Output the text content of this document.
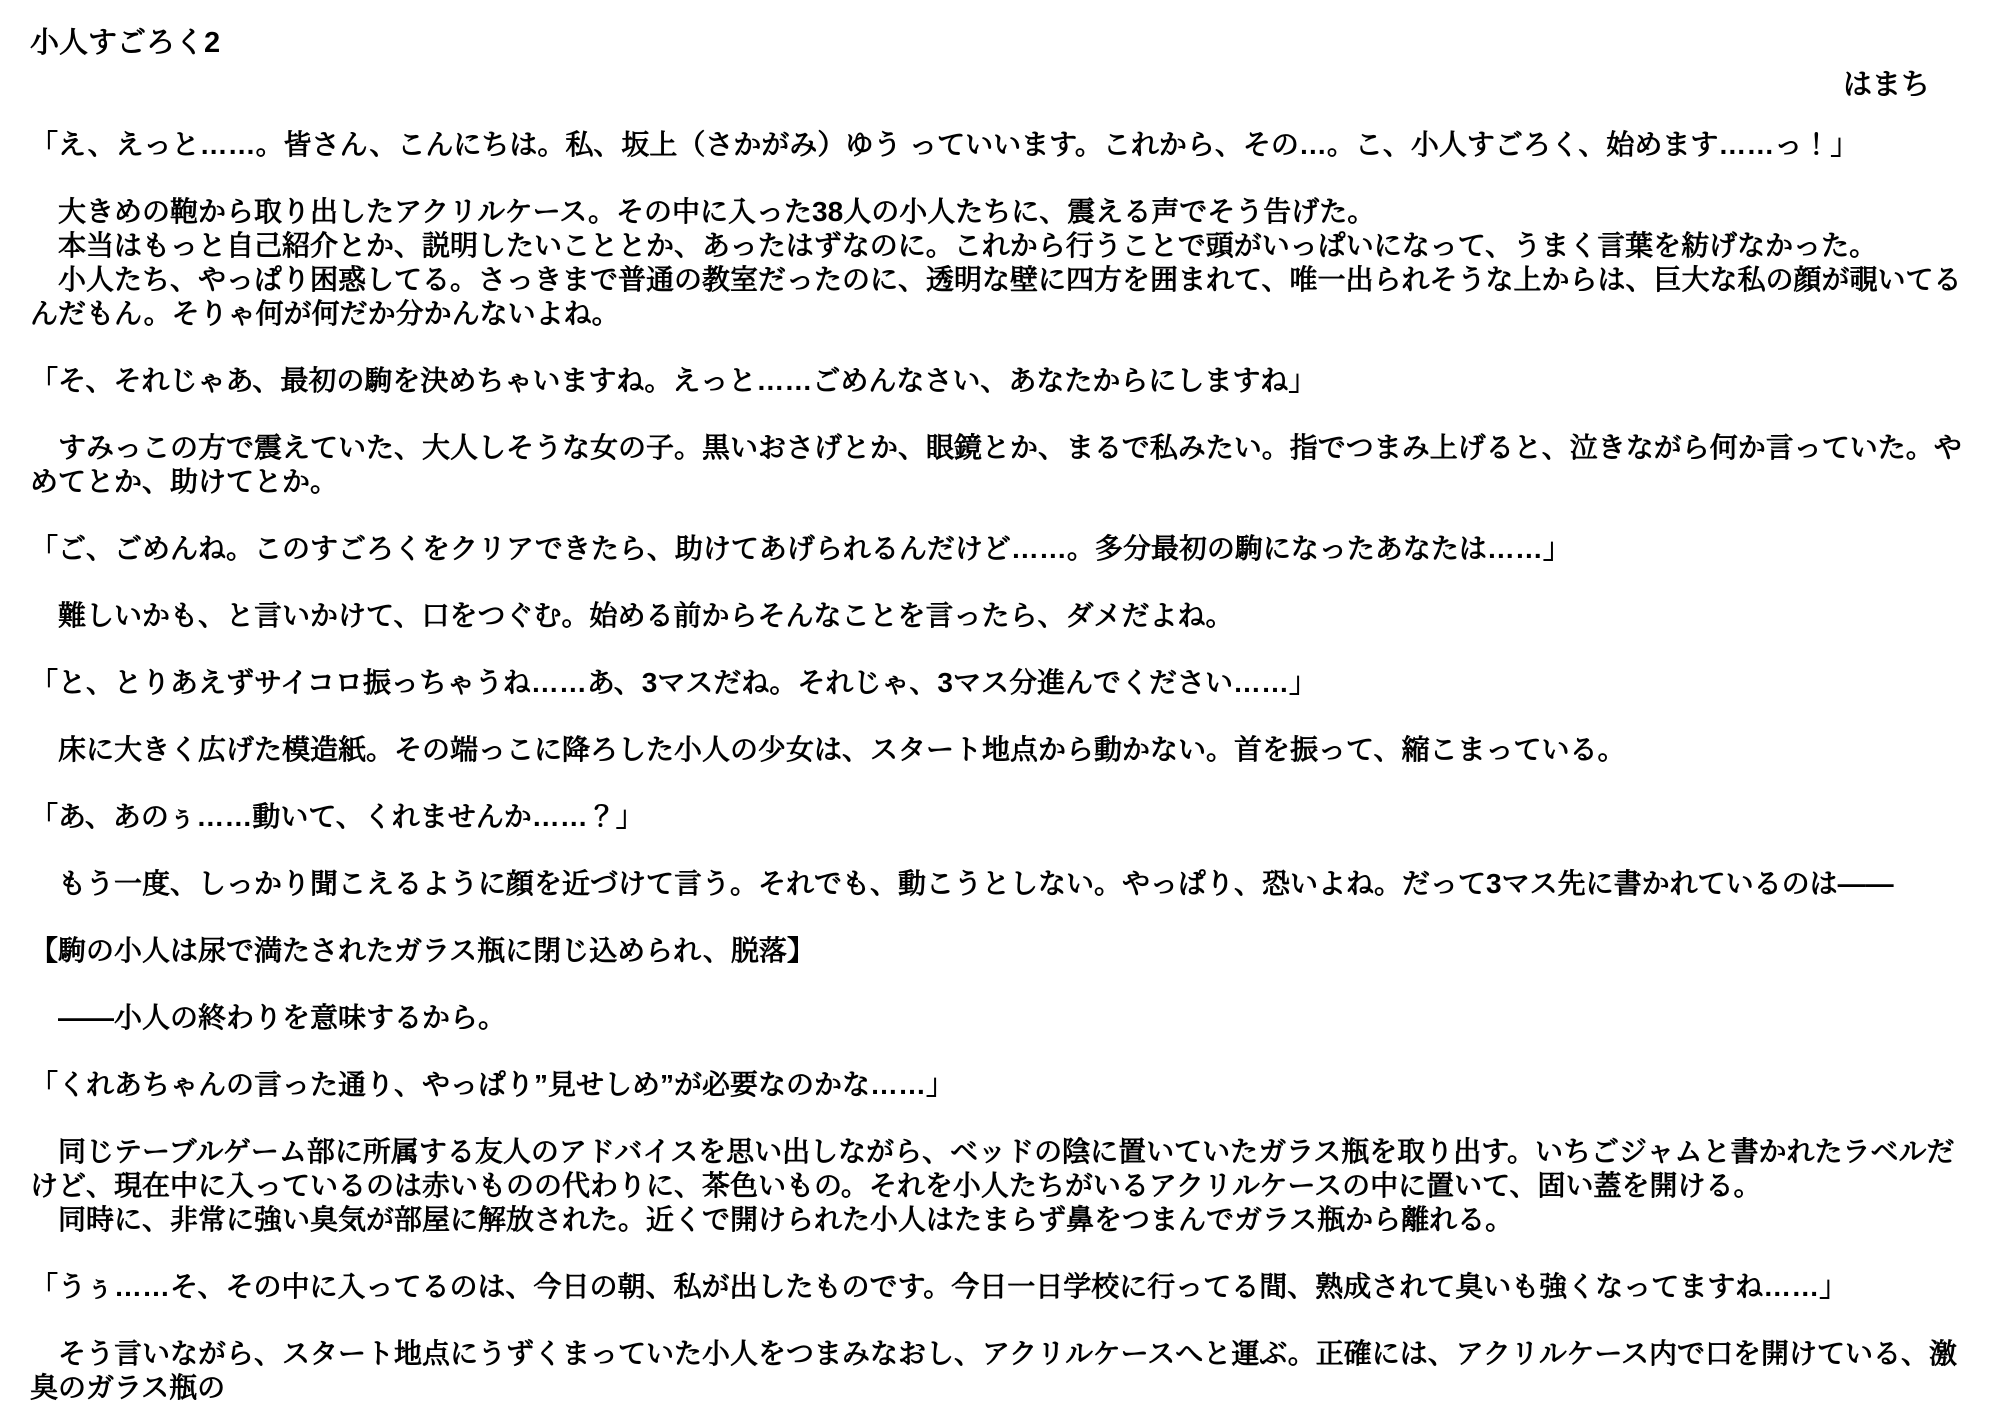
小人すごろく2

はまち

「え、えっと……。皆さん、こんにちは。私、坂上（さかがみ）ゆう っていいます。これから、その…。こ、小人すごろく、始めます……っ！」

　大きめの鞄から取り出したアクリルケース。その中に入った38人の小人たちに、震える声でそう告げた。

　本当はもっと自己紹介とか、説明したいこととか、あったはずなのに。これから行うことで頭がいっぱいになって、うまく言葉を紡げなかった。

　小人たち、やっぱり困惑してる。さっきまで普通の教室だったのに、透明な壁に四方を囲まれて、唯一出られそうな上からは、巨大な私の顔が覗いてるんだもん。そりゃ何が何だか分かんないよね。

「そ、それじゃあ、最初の駒を決めちゃいますね。えっと……ごめんなさい、あなたからにしますね」

　すみっこの方で震えていた、大人しそうな女の子。黒いおさげとか、眼鏡とか、まるで私みたい。指でつまみ上げると、泣きながら何か言っていた。やめてとか、助けてとか。

「ご、ごめんね。このすごろくをクリアできたら、助けてあげられるんだけど……。多分最初の駒になったあなたは……」

　難しいかも、と言いかけて、口をつぐむ。始める前からそんなことを言ったら、ダメだよね。

「と、とりあえずサイコロ振っちゃうね……あ、3マスだね。それじゃ、3マス分進んでください……」

　床に大きく広げた模造紙。その端っこに降ろした小人の少女は、スタート地点から動かない。首を振って、縮こまっている。

「あ、あのぅ……動いて、くれませんか……？」

　もう一度、しっかり聞こえるように顔を近づけて言う。それでも、動こうとしない。やっぱり、恐いよね。だって3マス先に書かれているのは――

【駒の小人は尿で満たされたガラス瓶に閉じ込められ、脱落】

　――小人の終わりを意味するから。

「くれあちゃんの言った通り、やっぱり”見せしめ”が必要なのかな……」

　同じテーブルゲーム部に所属する友人のアドバイスを思い出しながら、ベッドの陰に置いていたガラス瓶を取り出す。いちごジャムと書かれたラベルだけど、現在中に入っているのは赤いものの代わりに、茶色いもの。それを小人たちがいるアクリルケースの中に置いて、固い蓋を開ける。

　同時に、非常に強い臭気が部屋に解放された。近くで開けられた小人はたまらず鼻をつまんでガラス瓶から離れる。

「うぅ……そ、その中に入ってるのは、今日の朝、私が出したものです。今日一日学校に行ってる間、熟成されて臭いも強くなってますね……」

　そう言いながら、スタート地点にうずくまっていた小人をつまみなおし、アクリルケースへと運ぶ。正確には、アクリルケース内で口を開けている、激臭のガラス瓶の
